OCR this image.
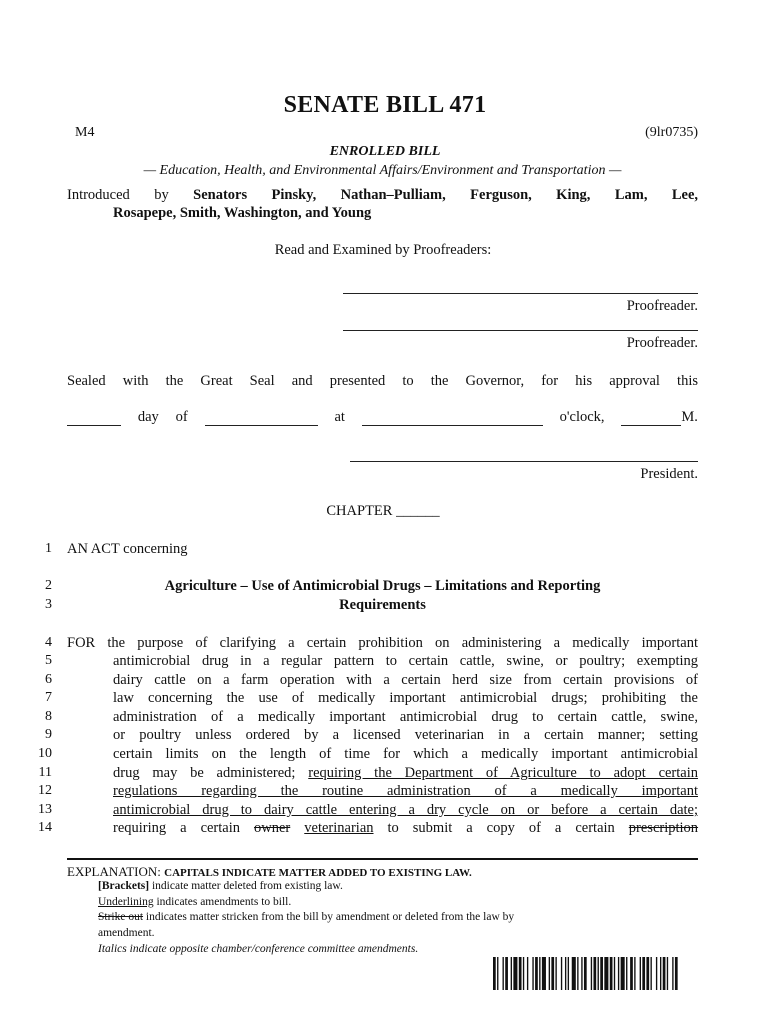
SENATE BILL 471
M4	(9lr0735)
ENROLLED BILL
— Education, Health, and Environmental Affairs/Environment and Transportation —
Introduced by Senators Pinsky, Nathan–Pulliam, Ferguson, King, Lam, Lee,
Rosapepe, Smith, Washington, and Young
Read and Examined by Proofreaders:
Proofreader.
Proofreader.
Sealed with the Great Seal and presented to the Governor, for his approval this
day of	at	o'clock,	M.
President.
CHAPTER ______
1
2
3
4
5
6
7
8
9
10
11
12
13
14
AN ACT concerning
Agriculture – Use of Antimicrobial Drugs – Limitations and Reporting
Requirements
FOR the purpose of clarifying a certain prohibition on administering a medically important
antimicrobial drug in a regular pattern to certain cattle, swine, or poultry; exempting
dairy cattle on a farm operation with a certain herd size from certain provisions of
law concerning the use of medically important antimicrobial drugs; prohibiting the
administration of a medically important antimicrobial drug to certain cattle, swine,
or poultry unless ordered by a licensed veterinarian in a certain manner; setting
certain limits on the length of time for which a medically important antimicrobial
drug may be administered; requiring the Department of Agriculture to adopt certain
regulations regarding the routine administration of a medically important
antimicrobial drug to dairy cattle entering a dry cycle on or before a certain date;
requiring a certain owner veterinarian to submit a copy of a certain prescription
EXPLANATION: CAPITALS INDICATE MATTER ADDED TO EXISTING LAW.
[Brackets] indicate matter deleted from existing law.
Underlining indicates amendments to bill.
Strike out indicates matter stricken from the bill by amendment or deleted from the law by
amendment.
Italics indicate opposite chamber/conference committee amendments.
